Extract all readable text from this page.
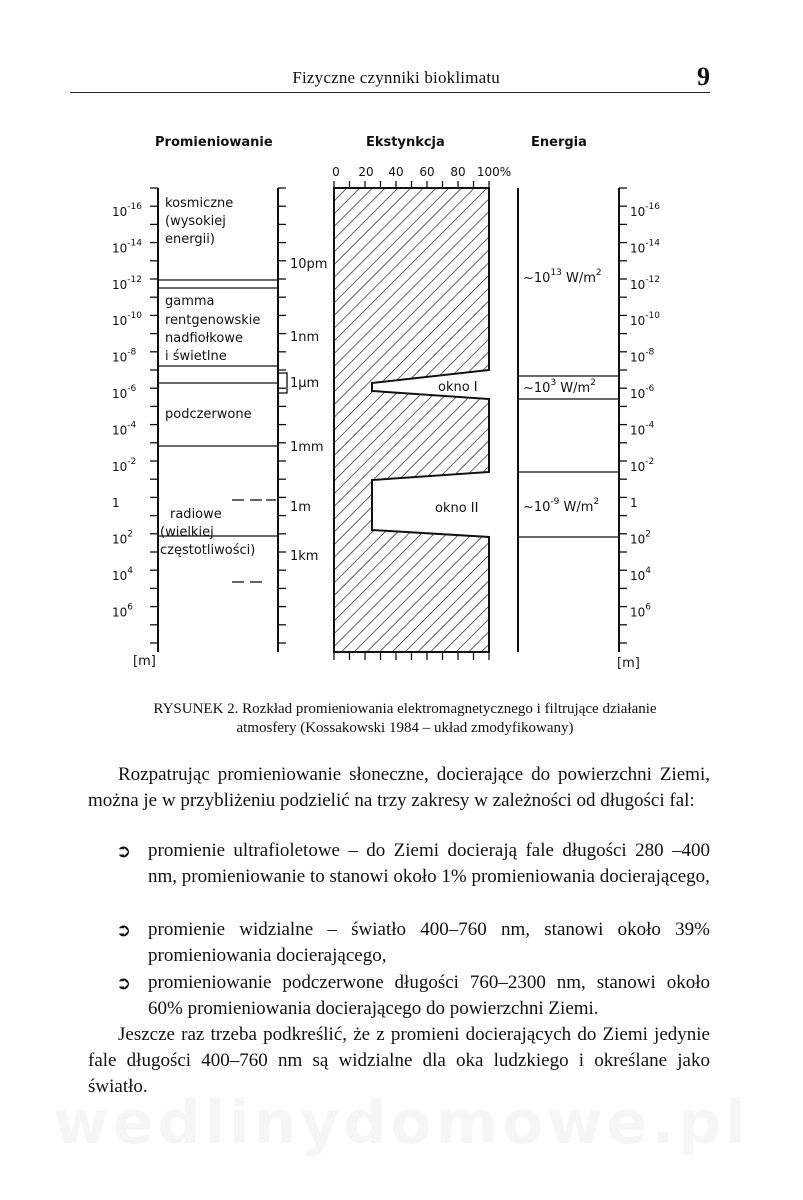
Fizyczne czynniki bioklimatu	9
Promieniowanie	Ekstynkcja	Energia
0 20 40 60 80 100%
okno I
okno II
$10^{-16}$
$10^{-14}$
$10^{-12}$
$10^{-10}$
$10^{-8}$
$10^{-6}$
$10^{-4}$
$10^{-2}$
1
$10^2$
$10^4$
$10^6$
[m]
kosmiczne (wysokiej energii)
gamma rentgenowskie nadfiołkowe i świetlne
podczerwone
radiowe (wielkiej częstotliwości)
10pm
1nm
1µm
1mm
1m
1km
$10^{-16}$
$10^{-14}$
$10^{-12}$
$10^{-10}$
$10^{-8}$
$10^{-6}$
$10^{-4}$
$10^{-2}$
1
$10^2$
$10^4$
$10^6$
[m]
$\sim 10^{13}$ $W/m^2$
$\sim 10^3$ $W/m^2$
$\sim 10^{-9}$ $W/m^2$
RYSUNEK 2. Rozkład promieniowania elektromagnetycznego i filtrujące działanie
atmosfery (Kossakowski 1984 – układ zmodyfikowany)

Rozpatrując promieniowanie słoneczne, docierające do powierzchni Ziemi, można je w przybliżeniu podzielić na trzy zakresy w zależności od długości fal:

➲ promienie ultrafioletowe – do Ziemi docierają fale długości 280 –400 nm, promieniowanie to stanowi około 1% promieniowania docierającego,
➲ promienie widzialne – światło 400–760 nm, stanowi około 39% promieniowania docierającego,
➲ promieniowanie podczerwone długości 760–2300 nm, stanowi około 60% promieniowania docierającego do powierzchni Ziemi.

Jeszcze raz trzeba podkreślić, że z promieni docierających do Ziemi jedynie fale długości 400–760 nm są widzialne dla oka ludzkiego i określane jako światło.
